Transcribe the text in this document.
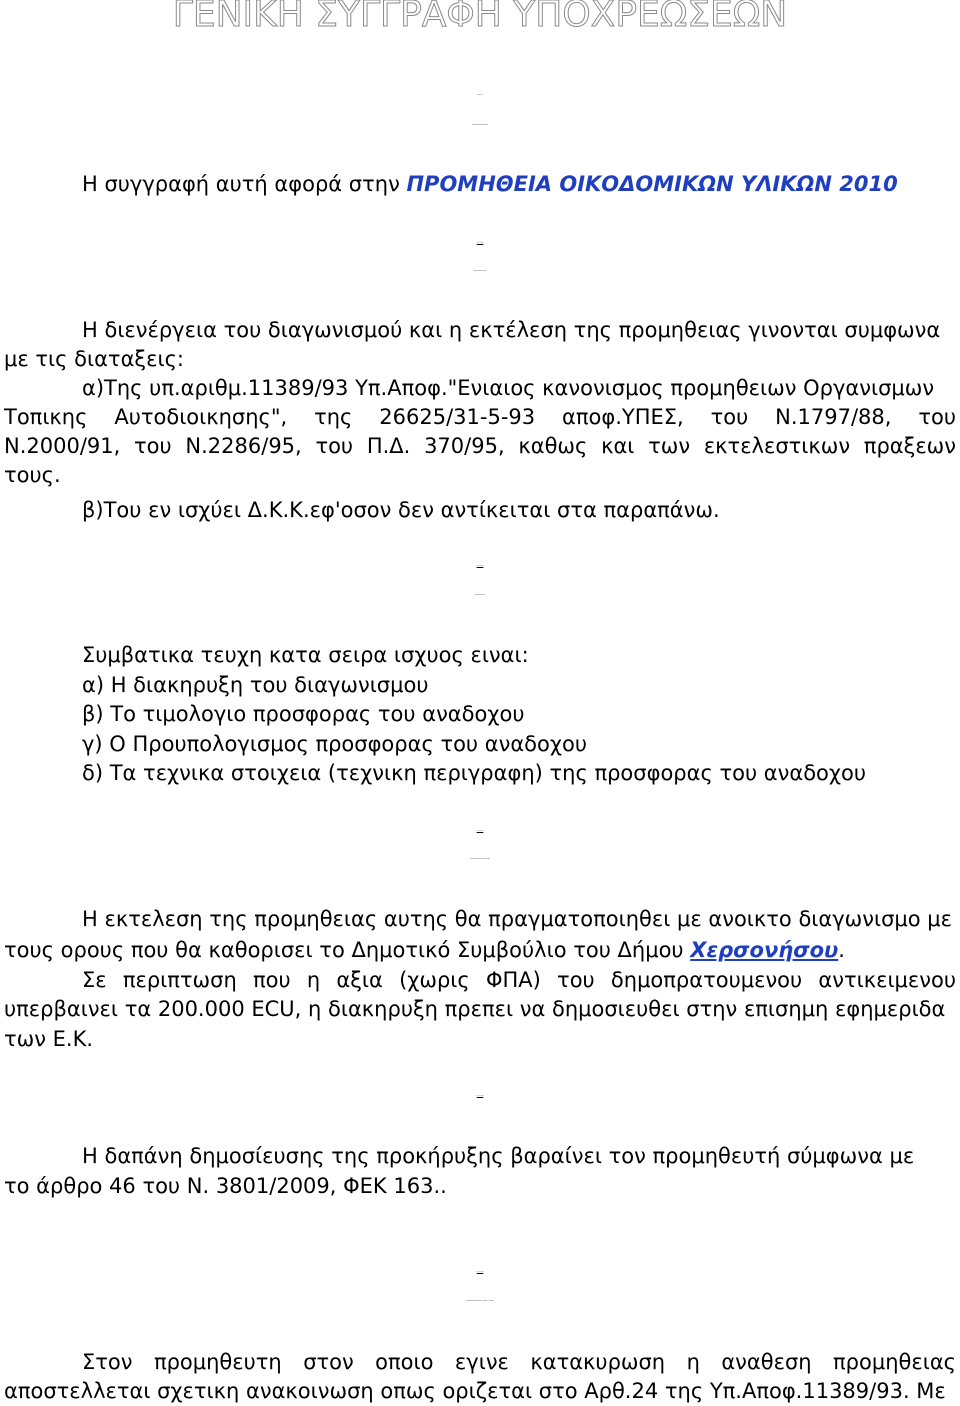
ΓΕΝΙΚΗ ΣΥΓΓΡΑΦΗ ΥΠΟΧΡΕΩΣΕΩΝ
Άρθρο 1ο
Αντικείμενο της προμήθειας
Η συγγραφή αυτή αφορά στην ΠΡΟΜΗΘΕΙΑ ΟΙΚΟΔΟΜΙΚΩΝ ΥΛΙΚΩΝ 2010
Α ρ θ ρ ο 2ο
Διαταξεις που ισχυουν
Η διενέργεια του διαγωνισμού και η εκτέλεση της προμηθειας γινονται συμφωνα
με τις διαταξεις:
α)Της υπ.αριθμ.11389/93 Υπ.Αποφ."Ενιαιος κανονισμος προμηθειων Οργανισμων
Τοπικης Αυτοδιοικησης", της 26625/31-5-93 αποφ.ΥΠΕΣ, του Ν.1797/88, του
Ν.2000/91, του Ν.2286/95, του Π.Δ. 370/95, καθως και των εκτελεστικων πραξεων
τους.
β)Του εν ισχύει Δ.Κ.Κ.εφ'οσον δεν αντίκειται στα παραπάνω.
Α ρ θ ρ ο 3ο
Συμβατικα τευχη
Συμβατικα τευχη κατα σειρα ισχυος ειναι:
α) Η διακηρυξη του διαγωνισμου
β) Το τιμολογιο προσφορας του αναδοχου
γ) Ο Προυπολογισμος προσφορας του αναδοχου
δ) Τα τεχνικα στοιχεια (τεχνικη περιγραφη) της προσφορας του αναδοχου
Α ρ θ ρ ο 4ο
Τροπος εκτελεσης της προμηθειας
Η εκτελεση της προμηθειας αυτης θα πραγματοποιηθει με ανοικτο διαγωνισμο με
τους ορους που θα καθορισει το Δημοτικό Συμβούλιο του Δήμου Χερσονήσου.
Σε περιπτωση που η αξια (χωρις ΦΠΑ) του δημοπρατουμενου αντικειμενου
υπερβαινει τα 200.000 ECU, η διακηρυξη πρεπει να δημοσιευθει στην επισημη εφημεριδα
των Ε.Κ.
Α ρ θ ρ ο 5ο
Η δαπάνη δημοσίευσης της προκήρυξης βαραίνει τον προμηθευτή σύμφωνα με
το άρθρο 46 του Ν. 3801/2009, ΦΕΚ 163..
Α ρ θ ρ ο 6ο
Ανακοινωση κατακυρωσης - αναθεσης - Συμβαση
Στον προμηθευτη στον οποιο εγινε κατακυρωση η αναθεση προμηθειας
αποστελλεται σχετικη ανακοινωση οπως οριζεται στο Αρθ.24 της Υπ.Αποφ.11389/93. Με
